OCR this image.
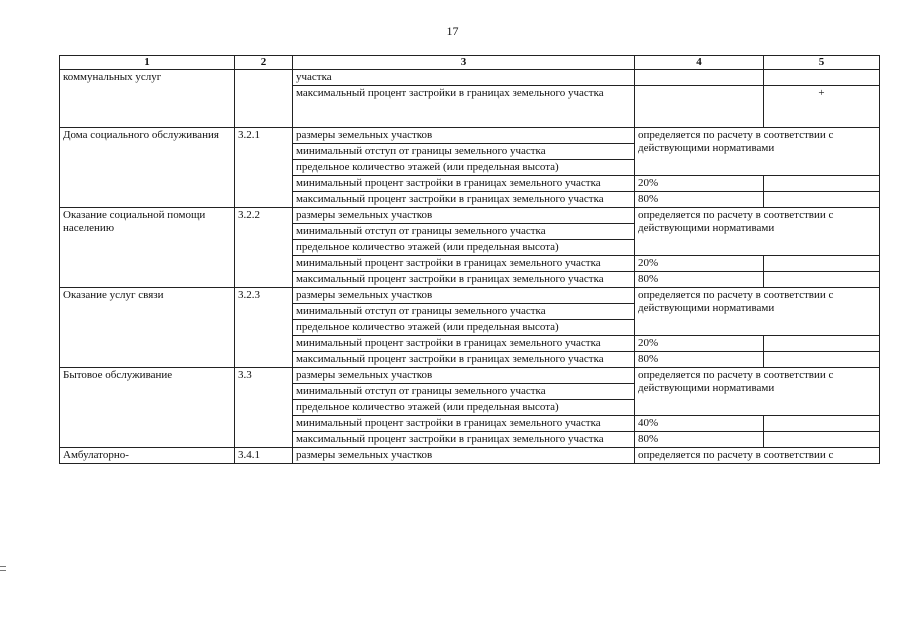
17
1	2	3	4	5
коммунальных услуг		участка		
		максимальный процент застройки в границах земельного участка		+
Дома социального обслуживания	3.2.1	размеры земельных участков	определяется по расчету в соответствии с действующими нормативами	
		минимальный отступ от границы земельного участка		
		предельное количество этажей (или предельная высота)		
		минимальный процент застройки в границах земельного участка	20%	
		максимальный процент застройки в границах земельного участка	80%	
Оказание социальной помощи населению	3.2.2	размеры земельных участков	определяется по расчету в соответствии с действующими нормативами	
		минимальный отступ от границы земельного участка		
		предельное количество этажей (или предельная высота)		
		минимальный процент застройки в границах земельного участка	20%	
		максимальный процент застройки в границах земельного участка	80%	
Оказание услуг связи	3.2.3	размеры земельных участков	определяется по расчету в соответствии с действующими нормативами	
		минимальный отступ от границы земельного участка		
		предельное количество этажей (или предельная высота)		
		минимальный процент застройки в границах земельного участка	20%	
		максимальный процент застройки в границах земельного участка	80%	
Бытовое обслуживание	3.3	размеры земельных участков	определяется по расчету в соответствии с действующими нормативами	
		минимальный отступ от границы земельного участка		
		предельное количество этажей (или предельная высота)		
		минимальный процент застройки в границах земельного участка	40%	
		максимальный процент застройки в границах земельного участка	80%	
Амбулаторно-	3.4.1	размеры земельных участков	определяется по расчету в соответствии с	
